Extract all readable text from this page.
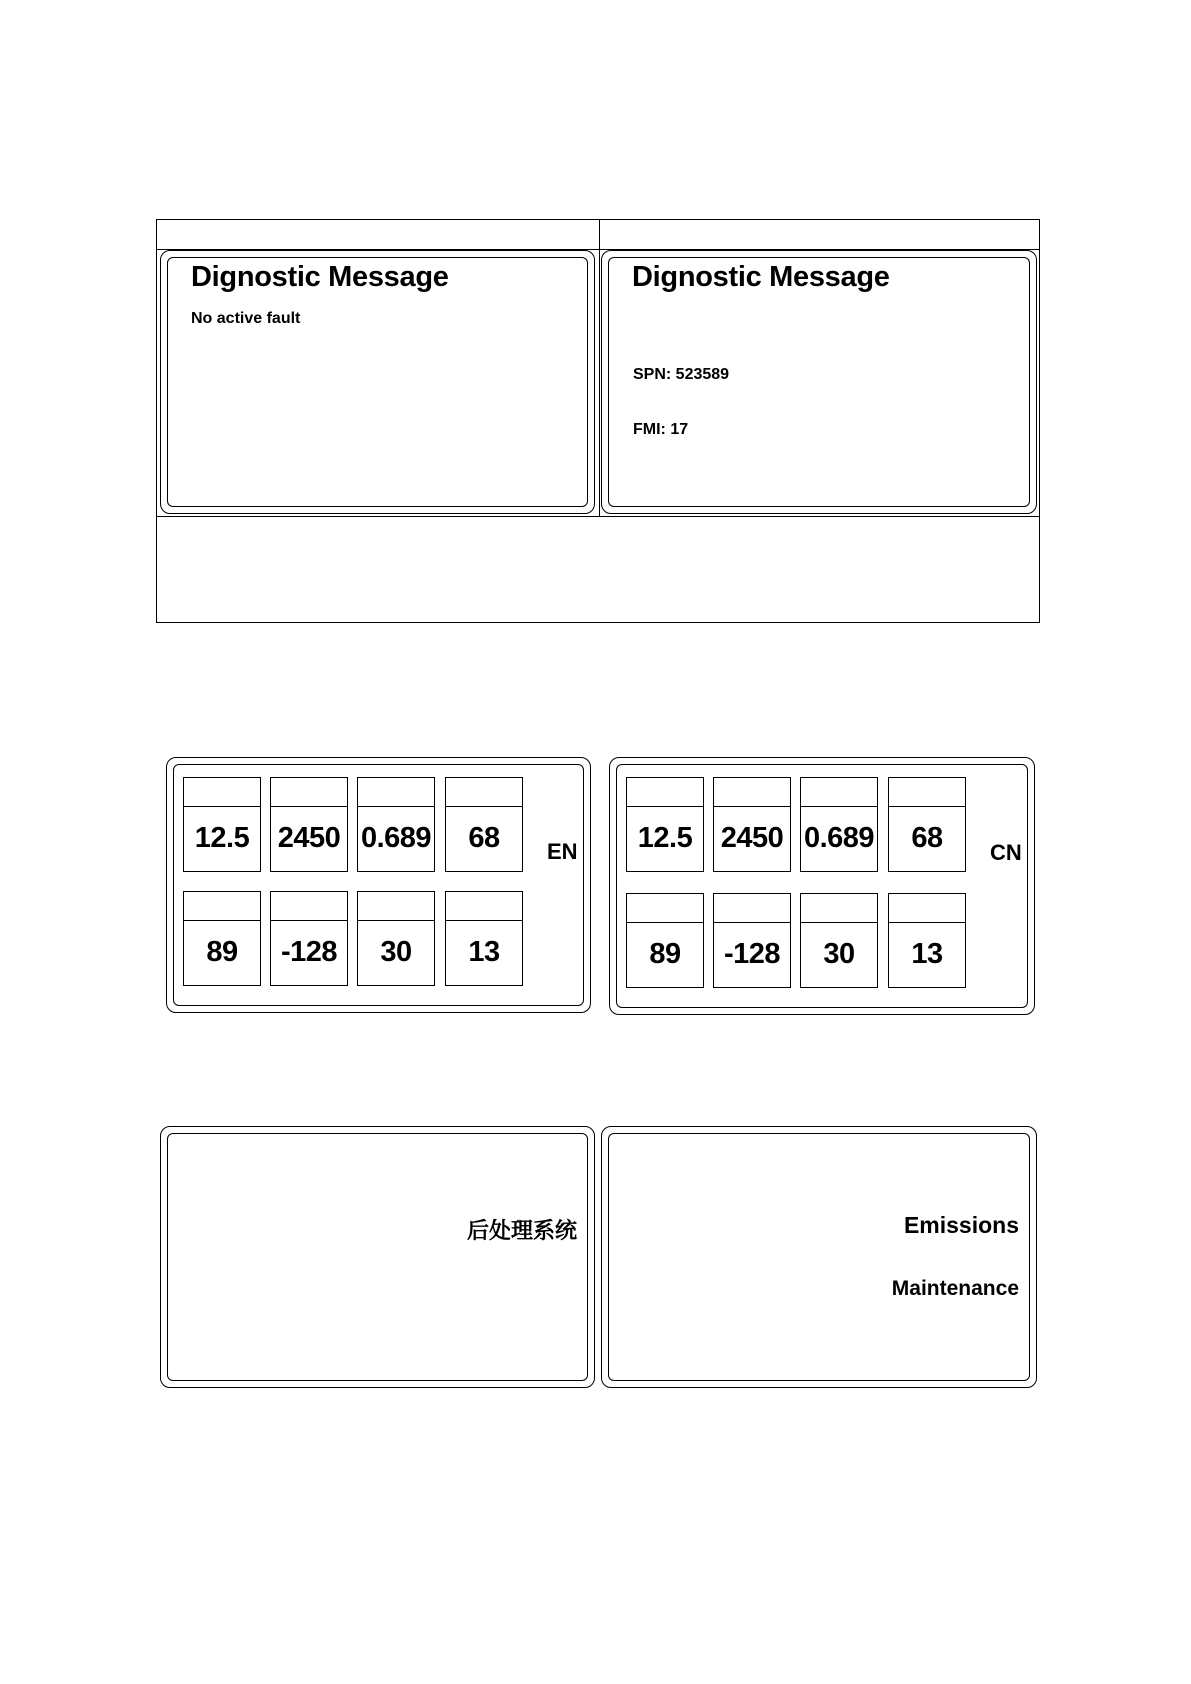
Dignostic Message
No active fault
Dignostic Message
SPN: 523589
FMI: 17
12.5 2450 0.689	68
89	-128	30	13
EN	12.5 2450 0.689	68
89	-128	30	13
CN
后处理系统	Emissions
Maintenance
